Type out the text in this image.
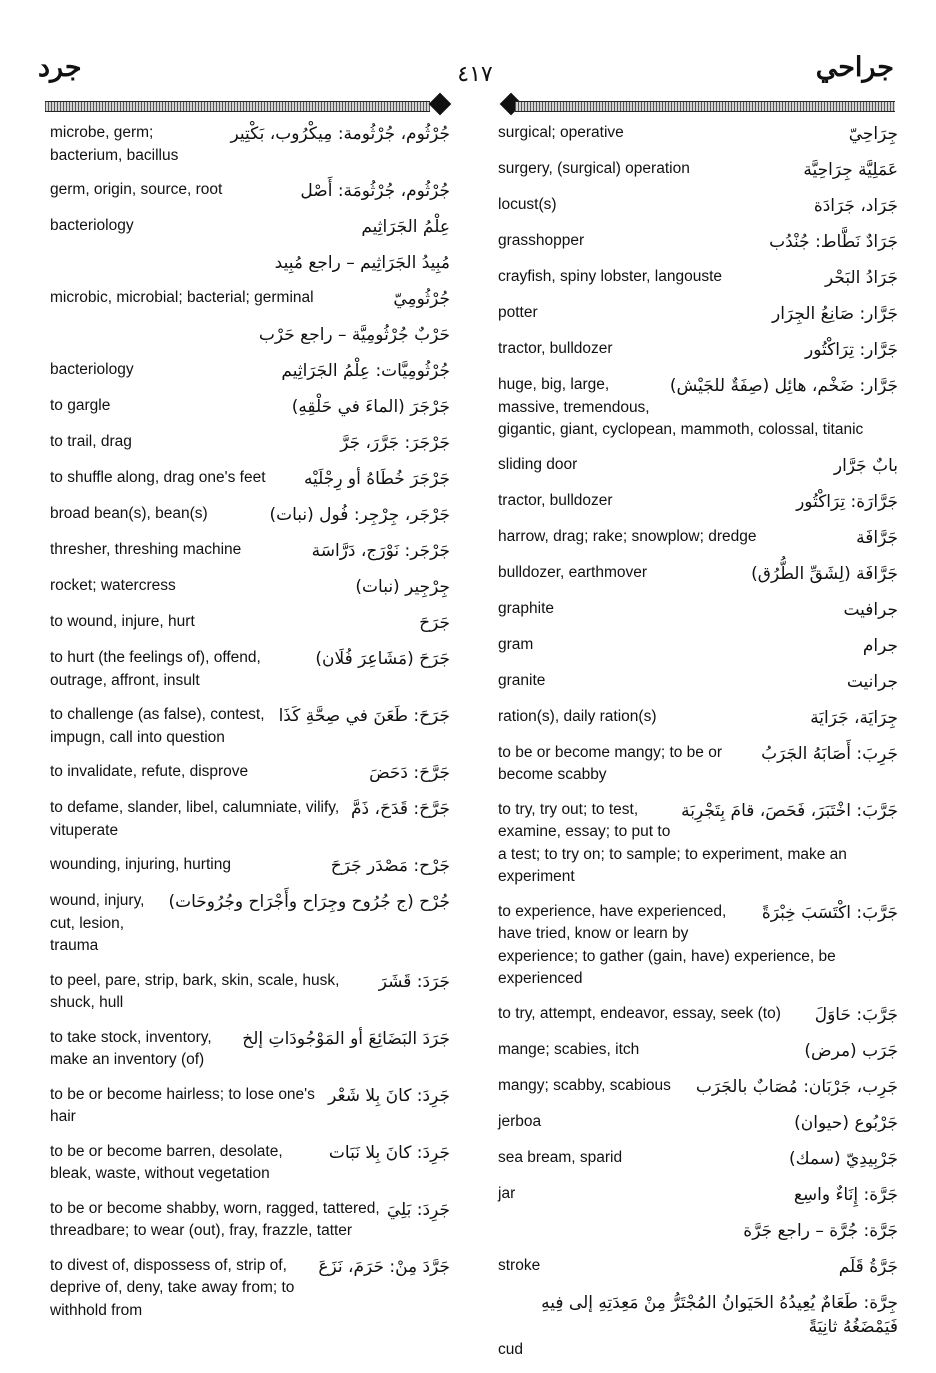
جراحي
٤١٧
جرد
جُرْثُوم، جُرْثُومة: مِيكْرُوب، بَكْتِير
microbe, germ; bacterium, bacillus
جُرْثُوم، جُرْثُومَة: أَصْل
germ, origin, source, root
عِلْمُ الجَرَاثِيم
bacteriology
مُبِيدُ الجَرَاثِيم – راجع مُبِيد
جُرْثُومِيّ
microbic, microbial; bacterial; germinal
حَرْبٌ جُرْثُومِيَّة – راجع حَرْب
جُرْثُومِيَّات: عِلْمُ الجَرَاثِيم
bacteriology
جَرْجَرَ (الماءَ في حَلْقِهِ)
to gargle
جَرْجَرَ: جَرَّرَ، جَرَّ
to trail, drag
جَرْجَرَ خُطَاهُ أو رِجْلَيْه
to shuffle along, drag one's feet
جَرْجَر، جِرْجِر: فُول (نبات)
broad bean(s), bean(s)
جَرْجَر: نَوْرَج، دَرَّاسَة
thresher, threshing machine
جِرْجِير (نبات)
rocket; watercress
جَرَحَ
to wound, injure, hurt
جَرَحَ (مَشَاعِرَ فُلَان)
to hurt (the feelings of), offend, outrage, affront, insult
جَرَحَ: طَعَنَ في صِحَّةِ كَذَا
to challenge (as false), contest, impugn, call into question
جَرَّحَ: دَحَضَ
to invalidate, refute, disprove
جَرَّحَ: قَدَحَ، ذَمَّ
to defame, slander, libel, calumniate, vilify, vituperate
جَرْح: مَصْدَر جَرَحَ
wounding, injuring, hurting
جُرْح (ج جُرُوح وجِرَاح وأَجْرَاح وجُرُوحَات)
wound, injury, cut, lesion, trauma
جَرَدَ: قَشَرَ
to peel, pare, strip, bark, skin, scale, husk, shuck, hull
جَرَدَ البَضَائِعَ أو المَوْجُودَاتِ إلخ
to take stock, inventory, make an inventory (of)
جَرِدَ: كانَ بِلا شَعْر
to be or become hairless; to lose one's hair
جَرِدَ: كانَ بِلا نَبَات
to be or become barren, desolate, bleak, waste, without vegetation
جَرِدَ: بَلِيَ
to be or become shabby, worn, ragged, tattered, threadbare; to wear (out), fray, frazzle, tatter
جَرَّدَ مِنْ: حَرَمَ، نَزَعَ
to divest of, dispossess of, strip of, deprive of, deny, take away from; to withhold from
جِرَاحِيّ
surgical; operative
عَمَلِيَّة جِرَاحِيَّة
surgery, (surgical) operation
جَرَاد، جَرَادَة
locust(s)
جَرَادٌ نَطَّاط: جُنْدُب
grasshopper
جَرَادُ البَحْر
crayfish, spiny lobster, langouste
جَرَّار: صَانِعُ الجِرَار
potter
جَرَّار: تِرَاكْتُور
tractor, bulldozer
جَرَّار: ضَخْم، هائِل (صِفَةٌ للجَيْش)
huge, big, large, massive, tremendous, gigantic, giant, cyclopean, mammoth, colossal, titanic
بابٌ جَرَّار
sliding door
جَرَّارَة: تِرَاكْتُور
tractor, bulldozer
جَرَّافَة
harrow, drag; rake; snowplow; dredge
جَرَّافَة (لِشَقِّ الطُّرُق)
bulldozer, earthmover
جرافيت
graphite
جرام
gram
جرانيت
granite
جِرَايَة، جَرَايَة
ration(s), daily ration(s)
جَرِبَ: أَصَابَهُ الجَرَبُ
to be or become mangy; to be or become scabby
جَرَّبَ: اخْتَبَرَ، فَحَصَ، قامَ بِتَجْرِبَة
to try, try out; to test, examine, essay; to put to a test; to try on; to sample; to experiment, make an experiment
جَرَّبَ: اكْتَسَبَ خِبْرَةً
to experience, have experienced, have tried, know or learn by experience; to gather (gain, have) experience, be experienced
جَرَّبَ: حَاوَلَ
to try, attempt, endeavor, essay, seek (to)
جَرَب (مرض)
mange; scabies, itch
جَرِب، جَرْبَان: مُصَابٌ بالجَرَب
mangy; scabby, scabious
جَرْبُوع (حيوان)
jerboa
جَرْبِيدِيّ (سمك)
sea bream, sparid
جَرَّة: إِنَاءٌ واسِع
jar
جَرَّة: جُرَّة – راجع جَرَّة
جَرَّةُ قَلَم
stroke
جِرَّة: طَعَامٌ يُعِيدُهُ الحَيَوانُ المُجْتَرُّ مِنْ مَعِدَتِهِ إلى فِيهِ فَيَمْضَغُهُ ثانِيَةً
cud
